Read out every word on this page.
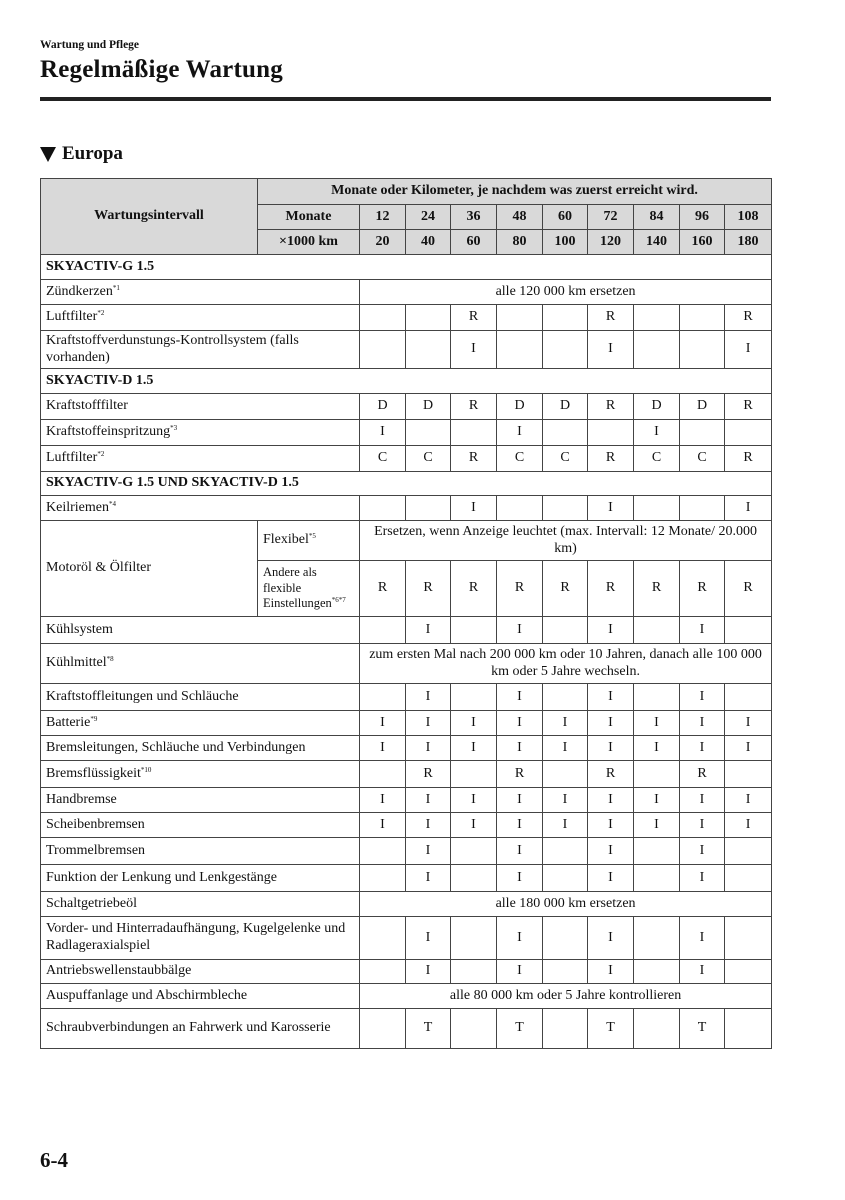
Wartung und Pflege
Regelmäßige Wartung
Europa
Wartungsintervall	Monate oder Kilometer, je nachdem was zuerst erreicht wird.									
	Monate	12	24	36	48	60	72	84	96	108
	×1000 km	20	40	60	80	100	120	140	160	180
SKYACTIV-G 1.5										
Zündkerzen$^{*1}$		alle 120 000 km ersetzen								
Luftfilter$^{*2}$				R			R			R
Kraftstoffverdunstungs-Kontrollsystem (falls vorhanden)				I			I			I
SKYACTIV-D 1.5										
Kraftstofffilter		D	D	R	D	D	R	D	D	R
Kraftstoffeinspritzung$^{*3}$		I			I			I		
Luftfilter$^{*2}$		C	C	R	C	C	R	C	C	R
SKYACTIV-G 1.5 UND SKYACTIV-D 1.5										
Keilriemen$^{*4}$				I			I			I
Motoröl & Ölfilter	Flexibel$^{*5}$	Ersetzen, wenn Anzeige leuchtet (max. Intervall: 12 Monate/ 20.000 km)								
	Andere als flexible Einstellungen$^{*6*7}$	R	R	R	R	R	R	R	R	R
Kühlsystem			I		I		I		I	
Kühlmittel$^{*8}$		zum ersten Mal nach 200 000 km oder 10 Jahren, danach alle 100 000 km oder 5 Jahre wechseln.								
Kraftstoffleitungen und Schläuche			I		I		I		I	
Batterie$^{*9}$		I	I	I	I	I	I	I	I	I
Bremsleitungen, Schläuche und Verbindungen		I	I	I	I	I	I	I	I	I
Bremsflüssigkeit$^{*10}$			R		R		R		R	
Handbremse		I	I	I	I	I	I	I	I	I
Scheibenbremsen		I	I	I	I	I	I	I	I	I
Trommelbremsen			I		I		I		I	
Funktion der Lenkung und Lenkgestänge			I		I		I		I	
Schaltgetriebeöl		alle 180 000 km ersetzen								
Vorder- und Hinterradaufhängung, Kugelgelenke und Radlageraxialspiel			I		I		I		I	
Antriebswellenstaubbälge			I		I		I		I	
Auspuffanlage und Abschirmbleche		alle 80 000 km oder 5 Jahre kontrollieren								
Schraubverbindungen an Fahrwerk und Karosserie			T		T		T		T	
6-4
